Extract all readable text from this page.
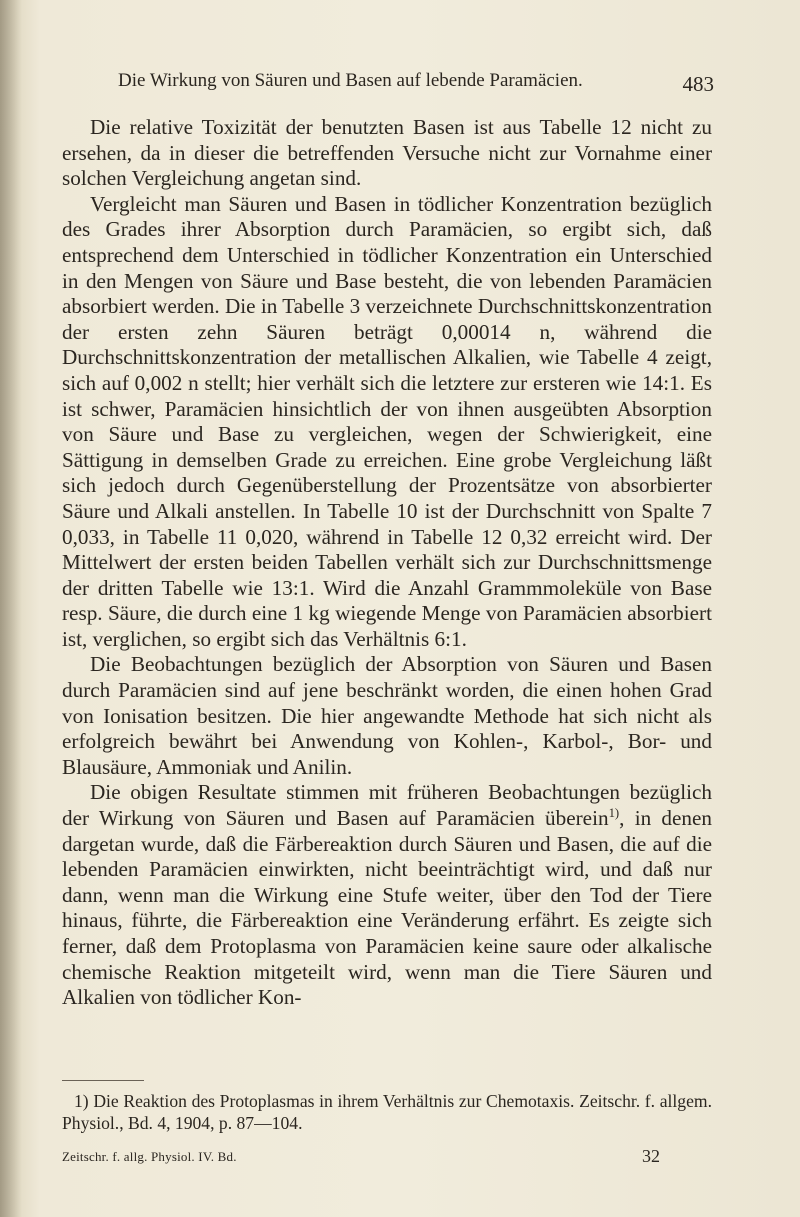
Die Wirkung von Säuren und Basen auf lebende Paramäcien.	483

Die relative Toxizität der benutzten Basen ist aus Tabelle 12 nicht zu ersehen, da in dieser die betreffenden Versuche nicht zur Vornahme einer solchen Vergleichung angetan sind.

Vergleicht man Säuren und Basen in tödlicher Konzentration bezüglich des Grades ihrer Absorption durch Paramäcien, so ergibt sich, daß entsprechend dem Unterschied in tödlicher Konzentration ein Unterschied in den Mengen von Säure und Base besteht, die von lebenden Paramäcien absorbiert werden. Die in Tabelle 3 verzeichnete Durchschnittskonzentration der ersten zehn Säuren beträgt 0,00014 n, während die Durchschnittskonzentration der metallischen Alkalien, wie Tabelle 4 zeigt, sich auf 0,002 n stellt; hier verhält sich die letztere zur ersteren wie 14:1. Es ist schwer, Paramäcien hinsichtlich der von ihnen ausgeübten Absorption von Säure und Base zu vergleichen, wegen der Schwierigkeit, eine Sättigung in demselben Grade zu erreichen. Eine grobe Vergleichung läßt sich jedoch durch Gegenüberstellung der Prozentsätze von absorbierter Säure und Alkali anstellen. In Tabelle 10 ist der Durchschnitt von Spalte 7 0,033, in Tabelle 11 0,020, während in Tabelle 12 0,32 erreicht wird. Der Mittelwert der ersten beiden Tabellen verhält sich zur Durchschnittsmenge der dritten Tabelle wie 13:1. Wird die Anzahl Grammmoleküle von Base resp. Säure, die durch eine 1 kg wiegende Menge von Paramäcien absorbiert ist, verglichen, so ergibt sich das Verhältnis 6:1.

Die Beobachtungen bezüglich der Absorption von Säuren und Basen durch Paramäcien sind auf jene beschränkt worden, die einen hohen Grad von Ionisation besitzen. Die hier angewandte Methode hat sich nicht als erfolgreich bewährt bei Anwendung von Kohlen-, Karbol-, Bor- und Blausäure, Ammoniak und Anilin.

Die obigen Resultate stimmen mit früheren Beobachtungen bezüglich der Wirkung von Säuren und Basen auf Paramäcien überein$^{1)}$, in denen dargetan wurde, daß die Färbereaktion durch Säuren und Basen, die auf die lebenden Paramäcien einwirkten, nicht beeinträchtigt wird, und daß nur dann, wenn man die Wirkung eine Stufe weiter, über den Tod der Tiere hinaus, führte, die Färbereaktion eine Veränderung erfährt. Es zeigte sich ferner, daß dem Protoplasma von Paramäcien keine saure oder alkalische chemische Reaktion mitgeteilt wird, wenn man die Tiere Säuren und Alkalien von tödlicher Kon-

1) Die Reaktion des Protoplasmas in ihrem Verhältnis zur Chemotaxis. Zeitschr. f. allgem. Physiol., Bd. 4, 1904, p. 87—104.
Zeitschr. f. allg. Physiol. IV. Bd.	32
